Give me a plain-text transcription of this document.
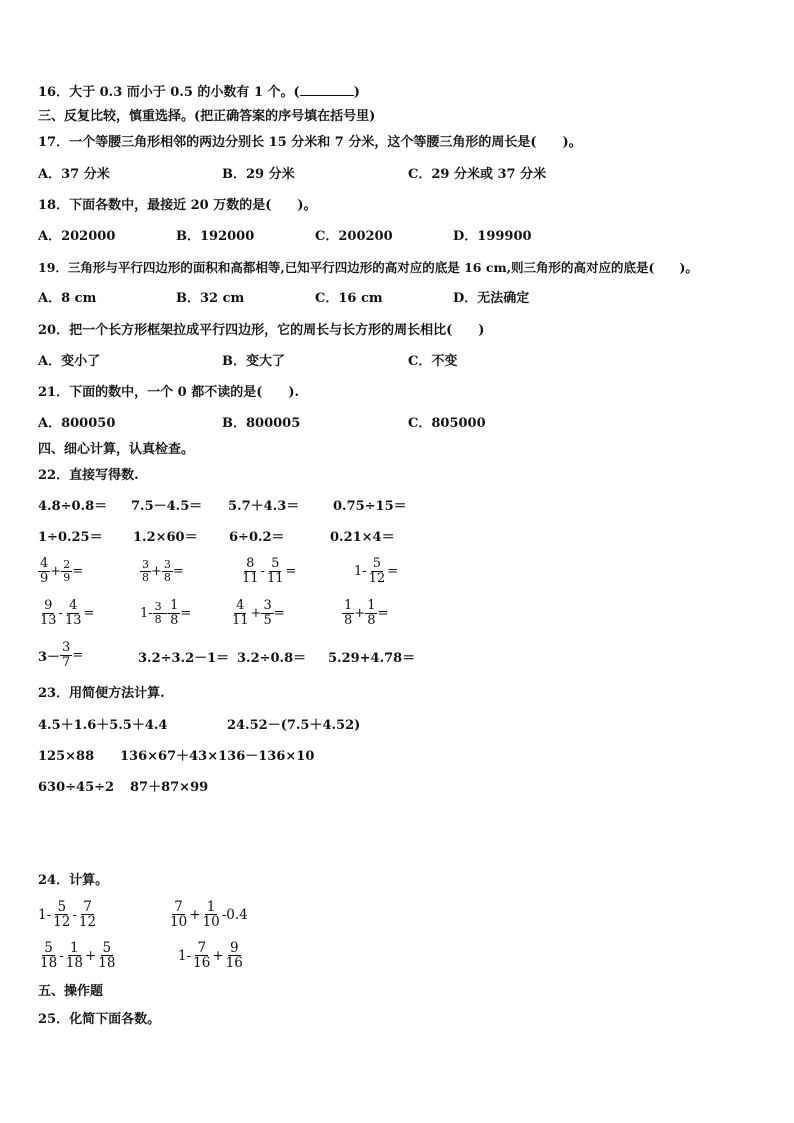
16．大于 0.3 而小于 0.5 的小数有 1 个。(	)
三、反复比较，慎重选择。(把正确答案的序号填在括号里)
17．一个等腰三角形相邻的两边分别长 15 分米和 7 分米，这个等腰三角形的周长是(　　)。
A．37 分米	B．29 分米	C．29 分米或 37 分米
18．下面各数中，最接近 20 万数的是(　　)。
A．202000	B．192000	C．200200	D．199900
19．三角形与平行四边形的面积和高都相等,已知平行四边形的高对应的底是 16 cm,则三角形的高对应的底是(　　)。
A．8 cm	B．32 cm	C．16 cm	D．无法确定
20．把一个长方形框架拉成平行四边形，它的周长与长方形的周长相比(　　)
A．变小了	B．变大了	C．不变
21．下面的数中，一个 0 都不读的是(　　).
A．800050	B．800005	C．805000
四、细心计算，认真检查。
22．直接写得数.
4.8÷0.8＝ 7.5－4.5＝ 5.7＋4.3＝	0.75÷15＝
1÷0.25＝ 1.2×60＝ 6÷0.2＝	0.21×4＝
$\frac{4}{9} + \frac{2}{9}$ =	$\frac{3}{8} + \frac{3}{8}$ =	$\frac{8}{11} - \frac{5}{11}$ =	$1- \frac{5}{12}$ =
$\frac{9}{13} - \frac{4}{13}$ =	$1- \frac{3}{8} - \frac{1}{8}$ =	$\frac{4}{11} + \frac{3}{5}$ =	$\frac{1}{8} + \frac{1}{8}$ =
$3- \frac{3}{7}$ =	3.2÷3.2－1＝ 3.2÷0.8＝ 5.29+4.78＝
23．用简便方法计算.
4.5＋1.6＋5.5＋4.4	24.52－(7.5＋4.52)
125×88 136×67＋43×136－136×10
630÷45÷2 87＋87×99
24．计算。
$1- \frac{5}{12} - \frac{7}{12}$	$\frac{7}{10} + \frac{1}{10} -0.4$
$\frac{5}{18} - \frac{1}{18} + \frac{5}{18}$	$1- \frac{7}{16} + \frac{9}{16}$
五、操作题
25．化简下面各数。
